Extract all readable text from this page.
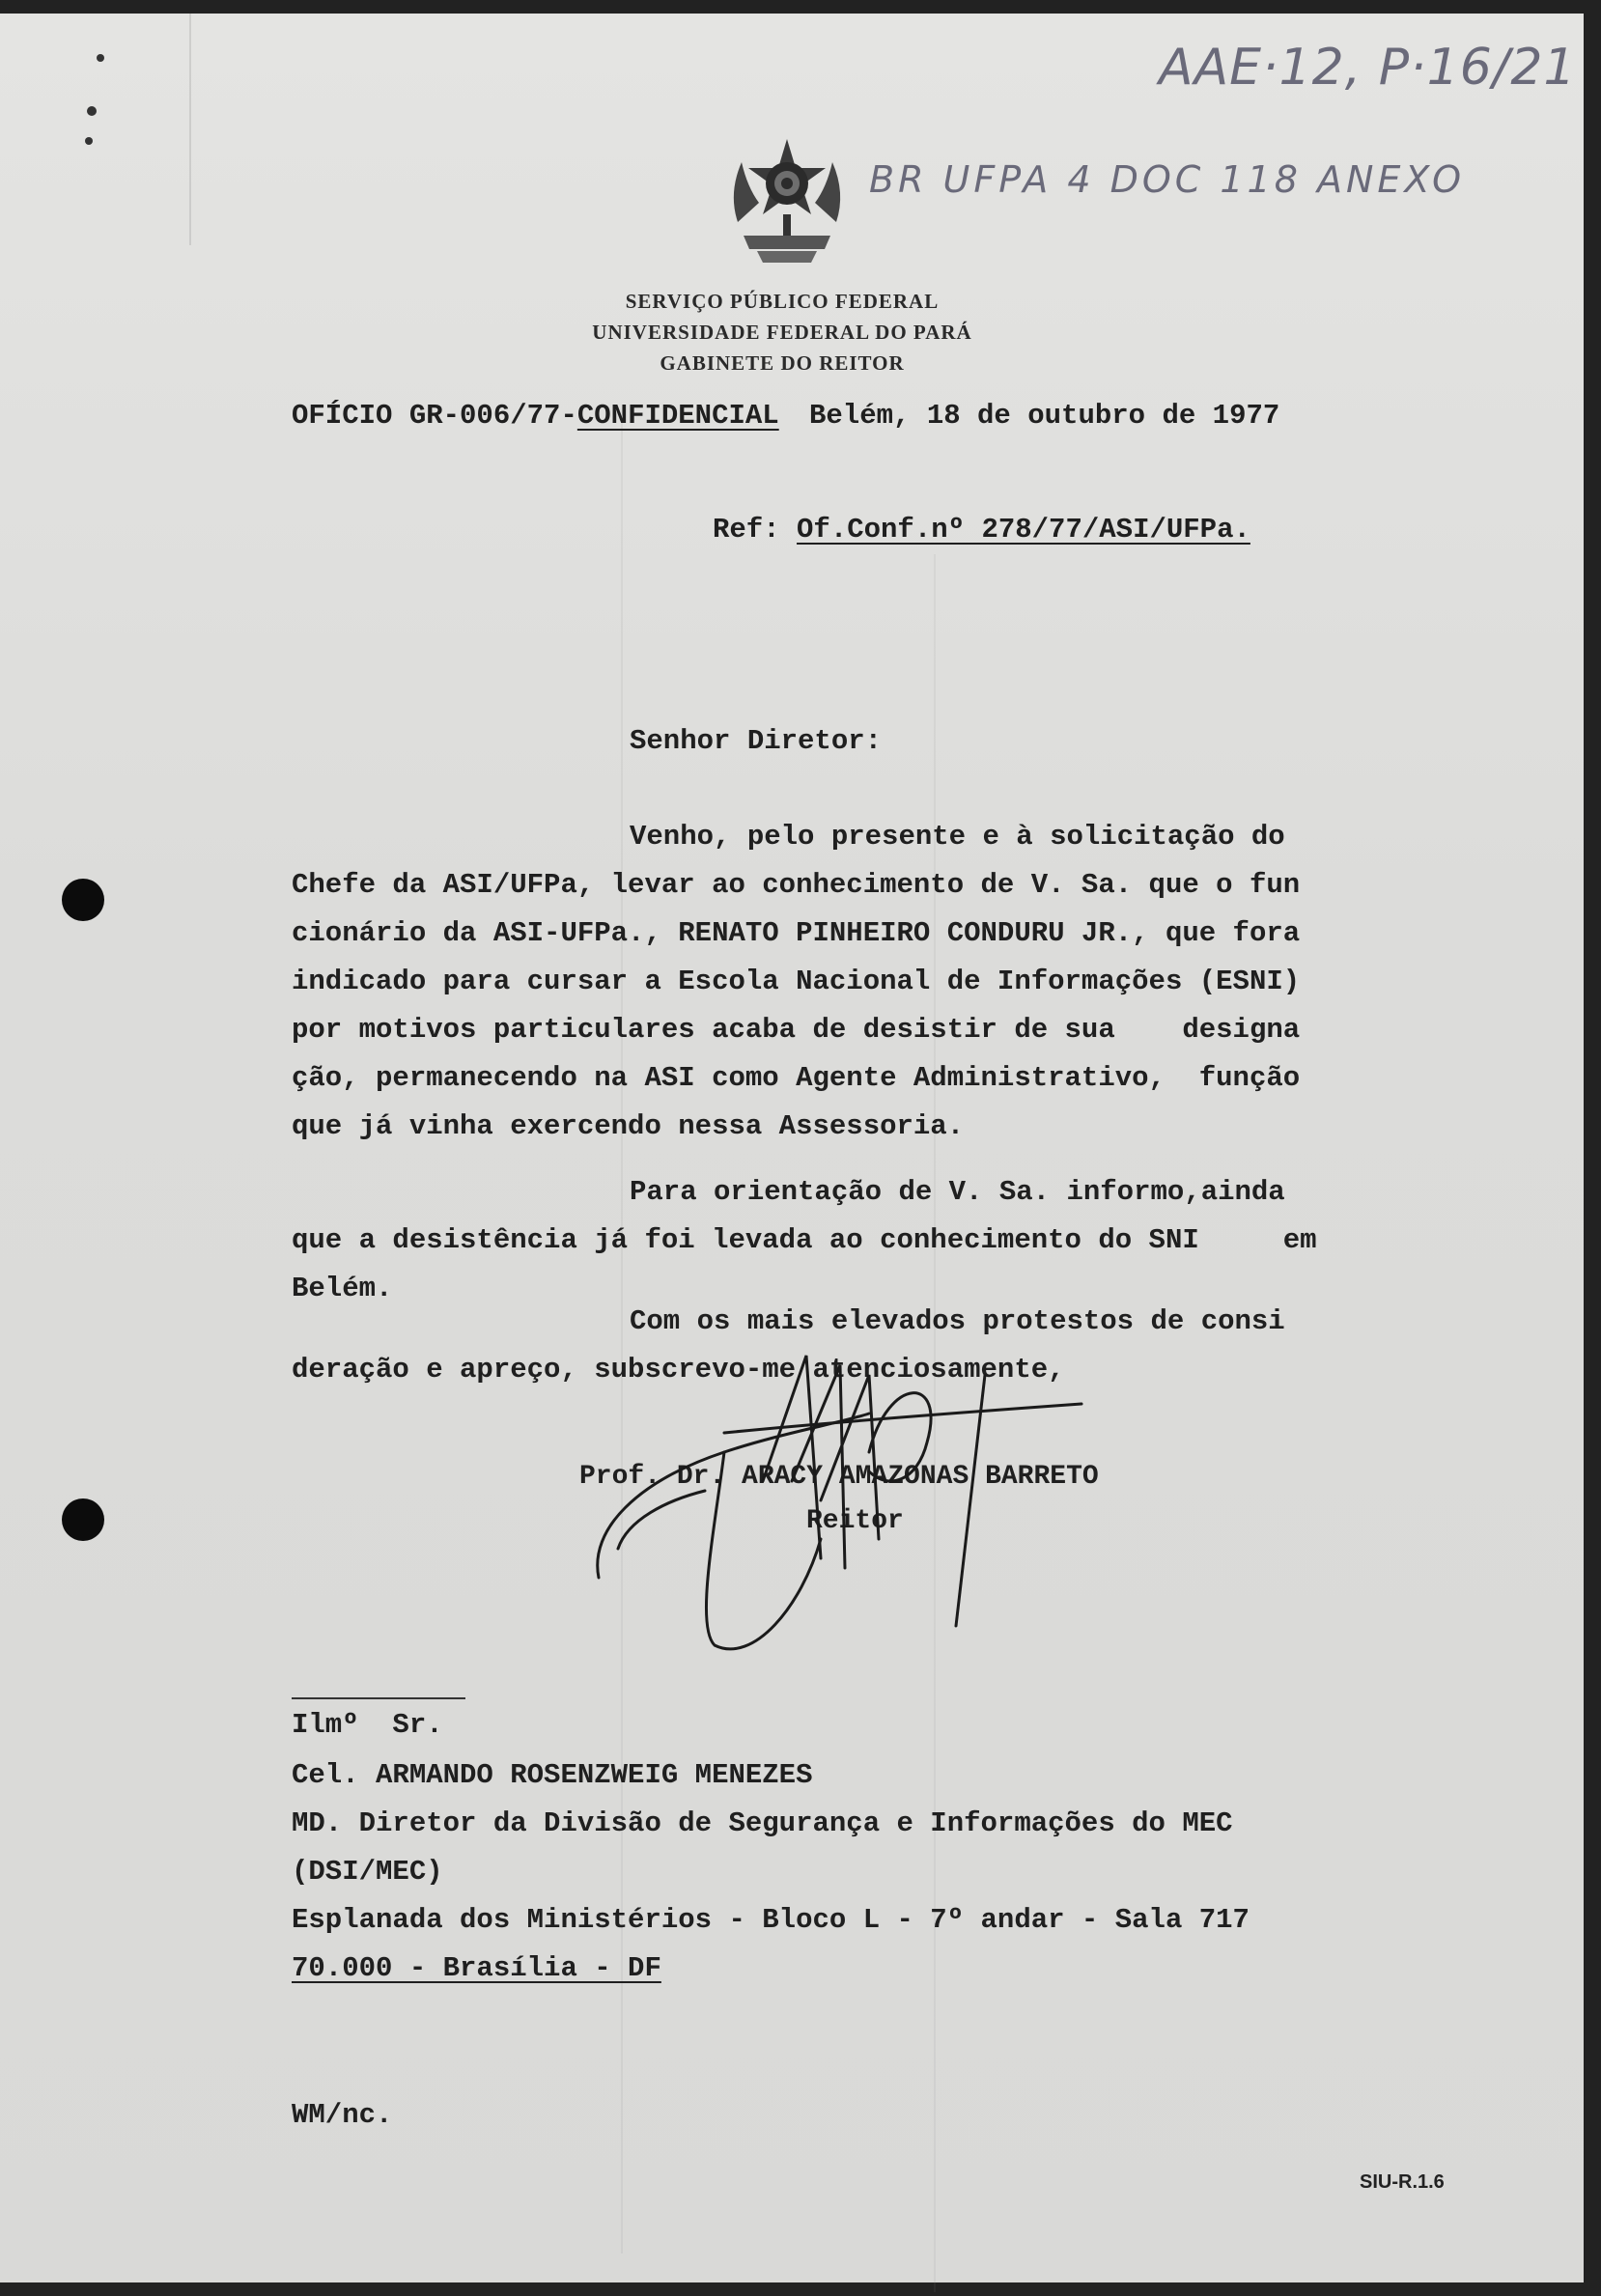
AAE·12, P·16/21
BR UFPA 4 DOC 118 ANEXO
SERVIÇO PÚBLICO FEDERAL
UNIVERSIDADE FEDERAL DO PARÁ
GABINETE DO REITOR
OFÍCIO GR-006/77-CONFIDENCIAL Belém, 18 de outubro de 1977
Ref: Of.Conf.nº 278/77/ASI/UFPa.
Senhor Diretor:
Venho, pelo presente e à solicitação do
Chefe da ASI/UFPa, levar ao conhecimento de V. Sa. que o fun
cionário da ASI-UFPa., RENATO PINHEIRO CONDURU JR., que fora
indicado para cursar a Escola Nacional de Informações (ESNI)
por motivos particulares acaba de desistir de sua    designa
ção, permanecendo na ASI como Agente Administrativo,  função
que já vinha exercendo nessa Assessoria.
Para orientação de V. Sa. informo,ainda
que a desistência já foi levada ao conhecimento do SNI     em
Belém.
Com os mais elevados protestos de consi
deração e apreço, subscrevo-me atenciosamente,
Prof. Dr. ARACY AMAZONAS BARRETO
Reitor
Ilmº  Sr.
Cel. ARMANDO ROSENZWEIG MENEZES
MD. Diretor da Divisão de Segurança e Informações do MEC
(DSI/MEC)
Esplanada dos Ministérios - Bloco L - 7º andar - Sala 717
70.000 - Brasília - DF
WM/nc.
SIU-R.1.6
